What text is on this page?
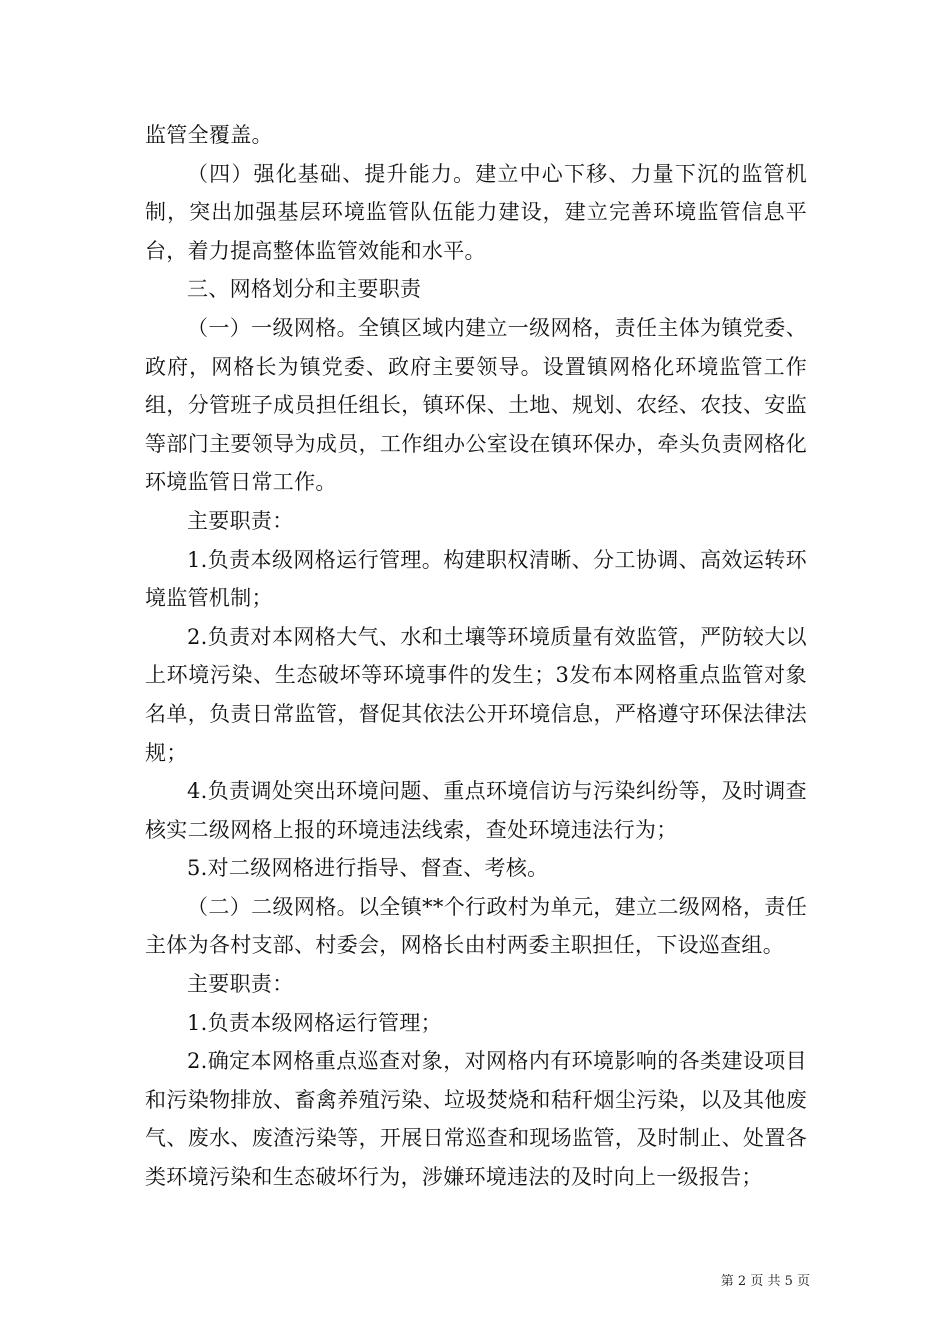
监管全覆盖。

（四）强化基础、提升能力。建立中心下移、力量下沉的监管机制，突出加强基层环境监管队伍能力建设，建立完善环境监管信息平台，着力提高整体监管效能和水平。

三、网格划分和主要职责

（一）一级网格。全镇区域内建立一级网格，责任主体为镇党委、政府，网格长为镇党委、政府主要领导。设置镇网格化环境监管工作组，分管班子成员担任组长，镇环保、土地、规划、农经、农技、安监等部门主要领导为成员，工作组办公室设在镇环保办，牵头负责网格化环境监管日常工作。

主要职责：

1.负责本级网格运行管理。构建职权清晰、分工协调、高效运转环境监管机制；

2.负责对本网格大气、水和土壤等环境质量有效监管，严防较大以上环境污染、生态破坏等环境事件的发生；3发布本网格重点监管对象名单，负责日常监管，督促其依法公开环境信息，严格遵守环保法律法规；

4.负责调处突出环境问题、重点环境信访与污染纠纷等，及时调查核实二级网格上报的环境违法线索，查处环境违法行为；

5.对二级网格进行指导、督查、考核。

（二）二级网格。以全镇**个行政村为单元，建立二级网格，责任主体为各村支部、村委会，网格长由村两委主职担任，下设巡查组。

主要职责：

1.负责本级网格运行管理；

2.确定本网格重点巡查对象，对网格内有环境影响的各类建设项目和污染物排放、畜禽养殖污染、垃圾焚烧和秸秆烟尘污染，以及其他废气、废水、废渣污染等，开展日常巡查和现场监管，及时制止、处置各类环境污染和生态破坏行为，涉嫌环境违法的及时向上一级报告；

第 2 页 共 5 页
